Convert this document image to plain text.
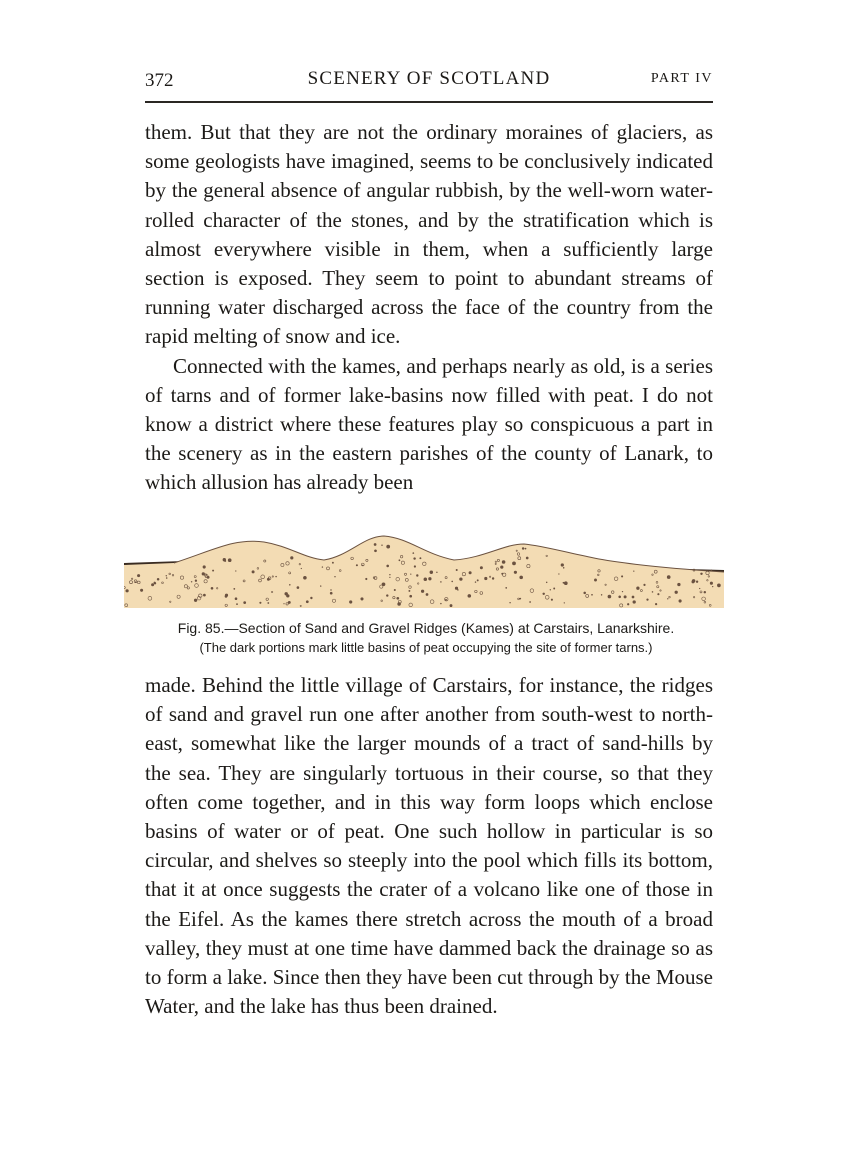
372	SCENERY OF SCOTLAND	PART IV

them. But that they are not the ordinary moraines of glaciers, as some geologists have imagined, seems to be conclusively indicated by the general absence of angular rubbish, by the well-worn water-rolled character of the stones, and by the stratification which is almost everywhere visible in them, when a sufficiently large section is exposed. They seem to point to abundant streams of running water discharged across the face of the country from the rapid melting of snow and ice.

Connected with the kames, and perhaps nearly as old, is a series of tarns and of former lake-basins now filled with peat. I do not know a district where these features play so conspicuous a part in the scenery as in the eastern parishes of the county of Lanark, to which allusion has already been

Fig. 85.—Section of Sand and Gravel Ridges (Kames) at Carstairs, Lanarkshire.
(The dark portions mark little basins of peat occupying the site of former tarns.)

made. Behind the little village of Carstairs, for instance, the ridges of sand and gravel run one after another from south-west to north-east, somewhat like the larger mounds of a tract of sand-hills by the sea. They are singularly tortuous in their course, so that they often come together, and in this way form loops which enclose basins of water or of peat. One such hollow in particular is so circular, and shelves so steeply into the pool which fills its bottom, that it at once suggests the crater of a volcano like one of those in the Eifel. As the kames there stretch across the mouth of a broad valley, they must at one time have dammed back the drainage so as to form a lake. Since then they have been cut through by the Mouse Water, and the lake has thus been drained.
